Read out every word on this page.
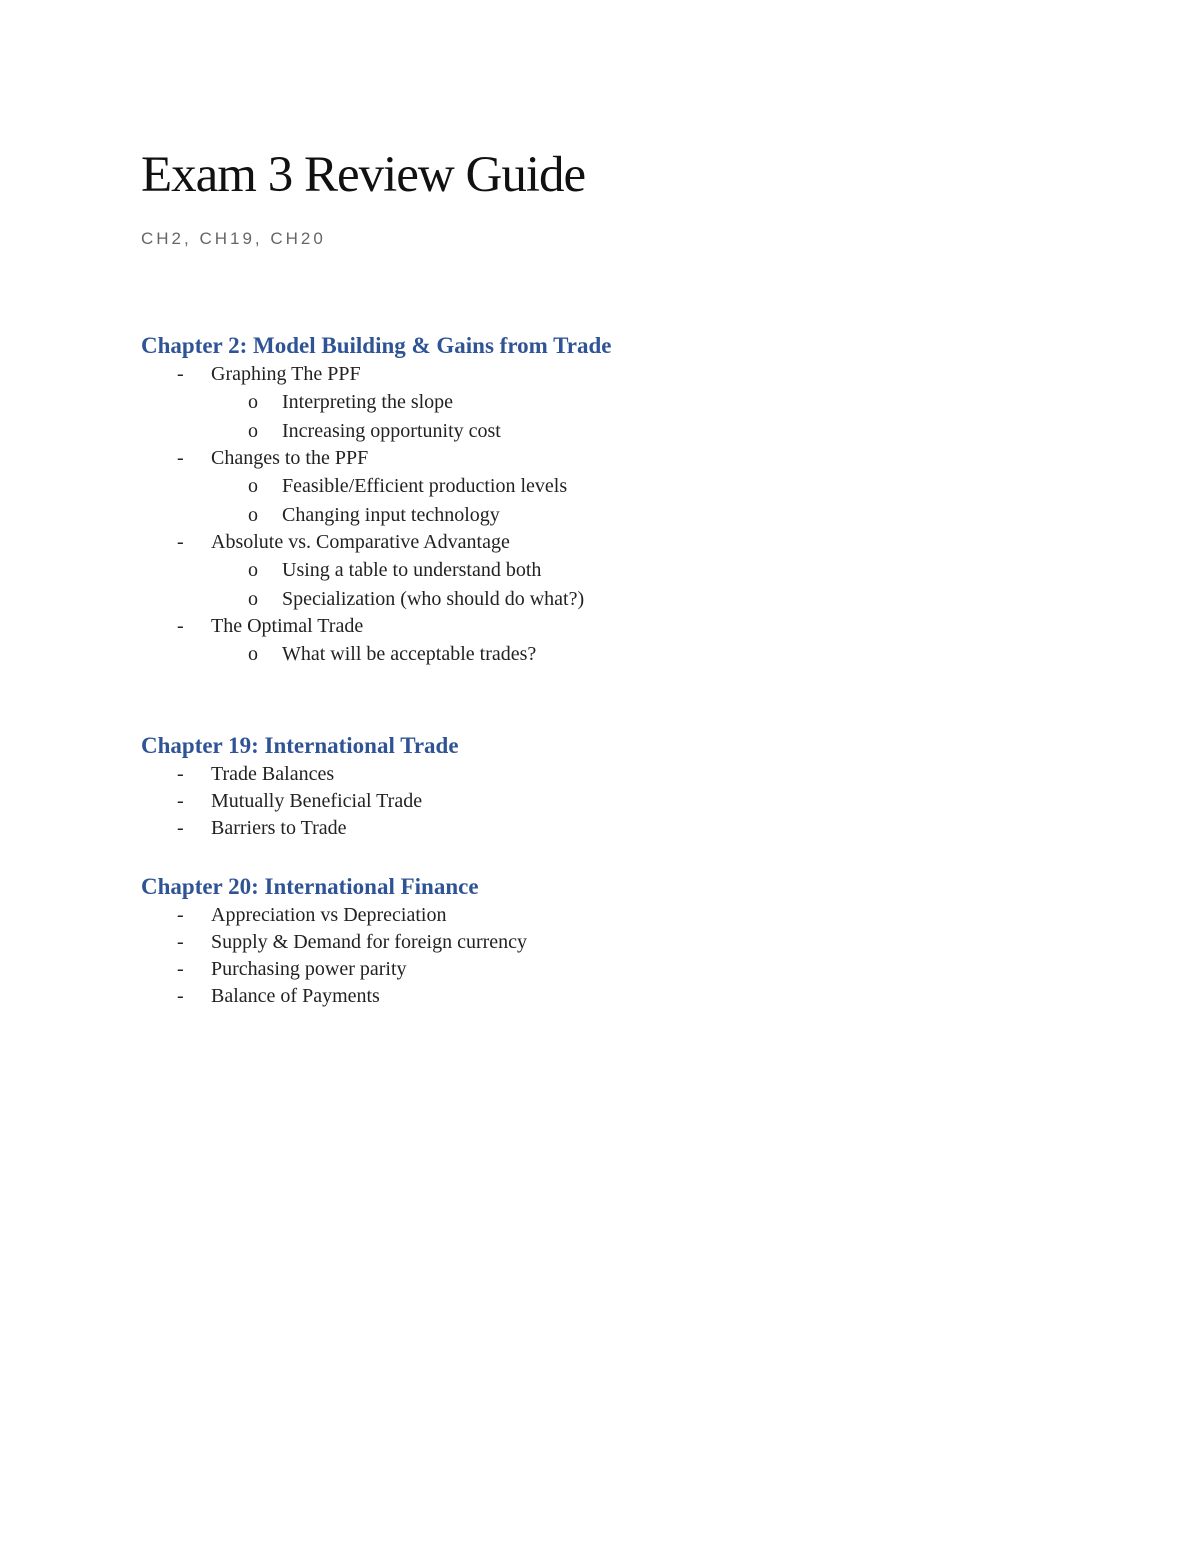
Exam 3 Review Guide
CH2, CH19, CH20
Chapter 2: Model Building & Gains from Trade
- Graphing The PPF
o Interpreting the slope
o Increasing opportunity cost
- Changes to the PPF
o Feasible/Efficient production levels
o Changing input technology
- Absolute vs. Comparative Advantage
o Using a table to understand both
o Specialization (who should do what?)
- The Optimal Trade
o What will be acceptable trades?
Chapter 19: International Trade
- Trade Balances
- Mutually Beneficial Trade
- Barriers to Trade
Chapter 20: International Finance
- Appreciation vs Depreciation
- Supply & Demand for foreign currency
- Purchasing power parity
- Balance of Payments
